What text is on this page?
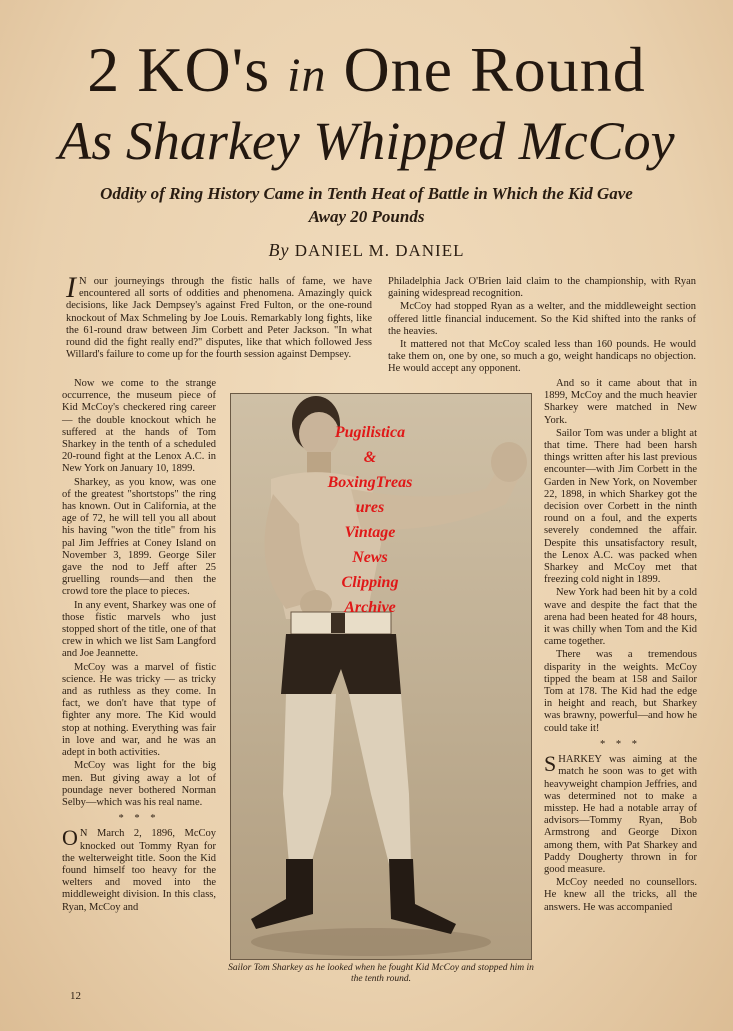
2 KO's in One Round
As Sharkey Whipped McCoy
Oddity of Ring History Came in Tenth Heat of Battle in Which the Kid Gave Away 20 Pounds
By DANIEL M. DANIEL

I N our journeyings through the fistic halls of fame, we have encountered all sorts of oddities and phenomena. Amazingly quick decisions, like Jack Dempsey's against Fred Fulton, or the one-round knockout of Max Schmeling by Joe Louis. Remarkably long fights, like the 61-round draw between Jim Corbett and Peter Jackson. "In what round did the fight really end?" disputes, like that which followed Jess Willard's failure to come up for the fourth session against Dempsey.

Now we come to the strange occurrence, the museum piece of Kid McCoy's checkered ring career — the double knockout which he suffered at the hands of Tom Sharkey in the tenth of a scheduled 20-round fight at the Lenox A.C. in New York on January 10, 1899.

Sharkey, as you know, was one of the greatest "shortstops" the ring has known. Out in California, at the age of 72, he will tell you all about his having "won the title" from his pal Jim Jeffries at Coney Island on November 3, 1899. George Siler gave the nod to Jeff after 25 gruelling rounds—and then the crowd tore the place to pieces.

In any event, Sharkey was one of those fistic marvels who just stopped short of the title, one of that crew in which we list Sam Langford and Joe Jeannette.

McCoy was a marvel of fistic science. He was tricky — as tricky and as ruthless as they come. In fact, we don't have that type of fighter any more. The Kid would stop at nothing. Everything was fair in love and war, and he was an adept in both activities.

McCoy was light for the big men. But giving away a lot of poundage never bothered Norman Selby—which was his real name.

* * *

O N March 2, 1896, McCoy knocked out Tommy Ryan for the welterweight title. Soon the Kid found himself too heavy for the welters and moved into the middleweight division. In this class, Ryan, McCoy and

Philadelphia Jack O'Brien laid claim to the championship, with Ryan gaining widespread recognition.

McCoy had stopped Ryan as a welter, and the middleweight section offered little financial inducement. So the Kid shifted into the ranks of the heavies.

It mattered not that McCoy scaled less than 160 pounds. He would take them on, one by one, so much a go, weight handicaps no objection. He would accept any opponent.

And so it came about that in 1899, McCoy and the much heavier Sharkey were matched in New York.

Sailor Tom was under a blight at that time. There had been harsh things written after his last previous encounter—with Jim Corbett in the Garden in New York, on November 22, 1898, in which Sharkey got the decision over Corbett in the ninth round on a foul, and the experts severely condemned the affair. Despite this unsatisfactory result, the Lenox A.C. was packed when Sharkey and McCoy met that freezing cold night in 1899.

New York had been hit by a cold wave and despite the fact that the arena had been heated for 48 hours, it was chilly when Tom and the Kid came together.

There was a tremendous disparity in the weights. McCoy tipped the beam at 158 and Sailor Tom at 178. The Kid had the edge in height and reach, but Sharkey was brawny, powerful—and how he could take it!

* * *

SHARKEY was aiming at the match he soon was to get with heavyweight champion Jeffries, and was determined not to make a misstep. He had a notable array of advisors—Tommy Ryan, Bob Armstrong and George Dixon among them, with Pat Sharkey and Paddy Dougherty thrown in for good measure.

McCoy needed no counsellors. He knew all the tricks, all the answers. He was accompanied

Pugilistica
&
BoxingTreas
ures
Vintage
News
Clipping
Archive
Sailor Tom Sharkey as he looked when he fought Kid McCoy and stopped him in the tenth round.
12
